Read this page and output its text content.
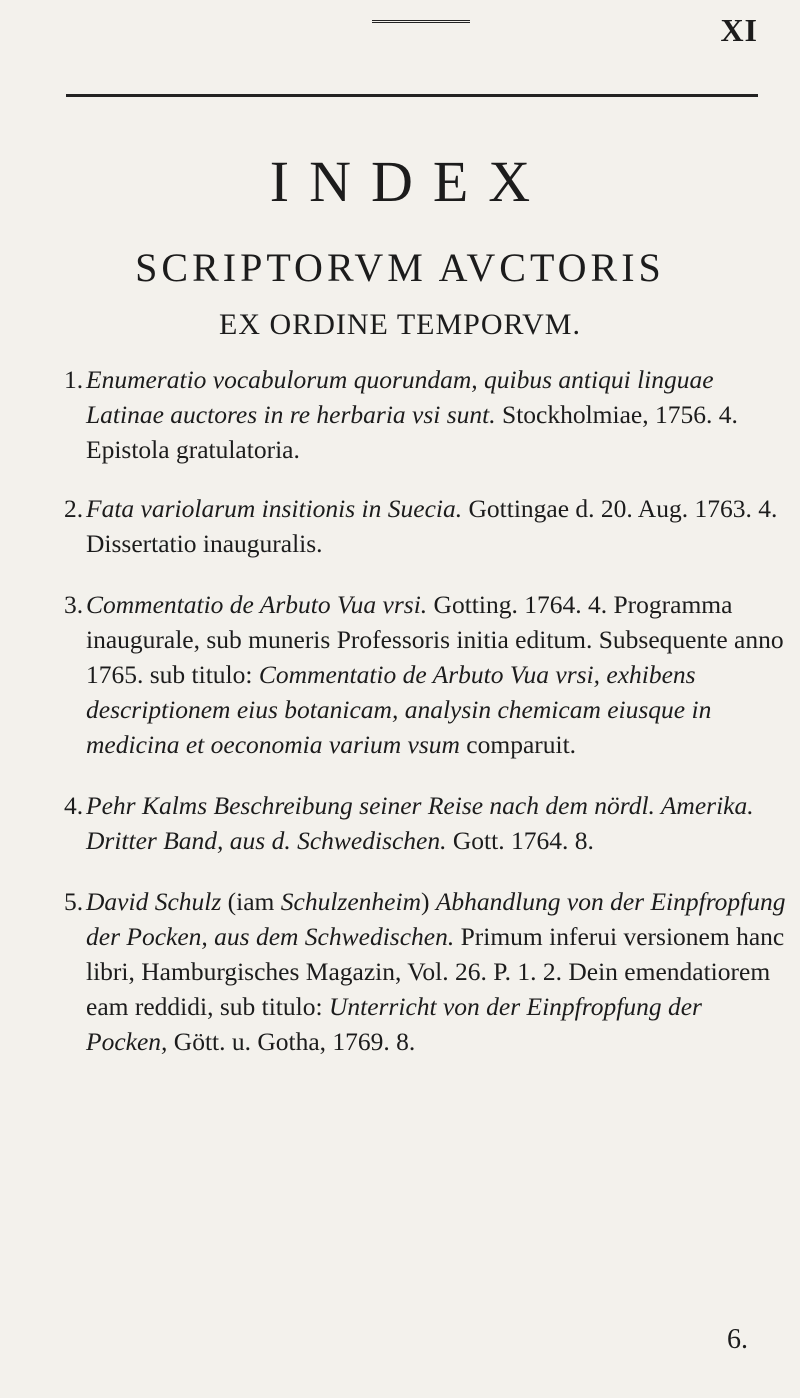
XI
INDEX
SCRIPTORVM AVCTORIS
EX ORDINE TEMPORVM.
1. Enumeratio vocabulorum quorundam, quibus antiqui linguae Latinae auctores in re herbaria vsi sunt. Stockholmiae, 1756. 4. Epistola gratulatoria.
2. Fata variolarum insitionis in Suecia. Gottingae d. 20. Aug. 1763. 4. Dissertatio inauguralis.
3. Commentatio de Arbuto Vua vrsi. Gotting. 1764. 4. Programma inaugurale, sub muneris Professoris initia editum. Subsequente anno 1765. sub titulo: Commentatio de Arbuto Vua vrsi, exhibens descriptionem eius botanicam, analysin chemicam eiusque in medicina et oeconomia varium vsum comparuit.
4. Pehr Kalms Beschreibung seiner Reise nach dem nördl. Amerika. Dritter Band, aus d. Schwedischen. Gott. 1764. 8.
5. David Schulz (iam Schulzenheim) Abhandlung von der Einpfropfung der Pocken, aus dem Schwedischen. Primum inferui versionem hanc libri, Hamburgisches Magazin, Vol. 26. P. 1. 2. Dein emendatiorem eam reddidi, sub titulo: Unterricht von der Einpfropfung der Pocken, Gött. u. Gotha, 1769. 8.
6.
